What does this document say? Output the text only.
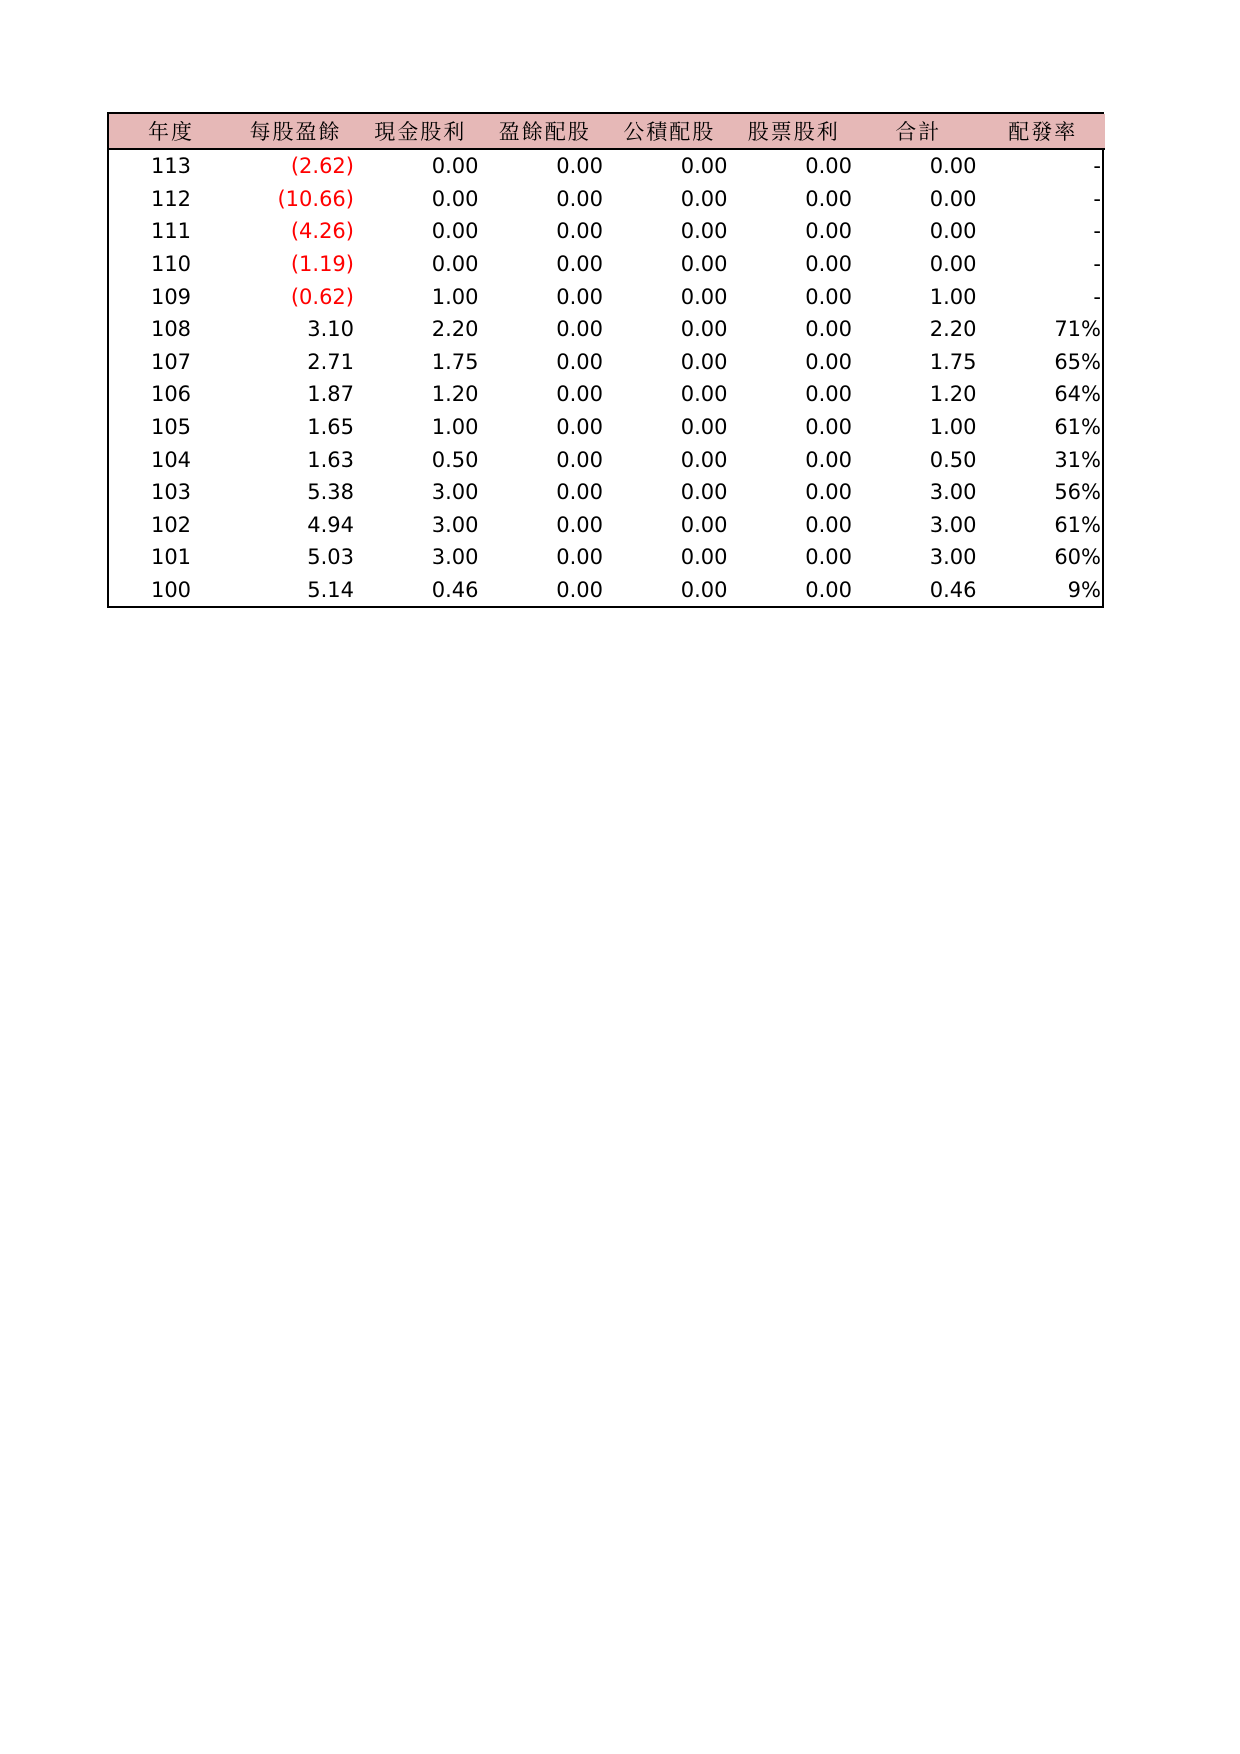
年度	每股盈餘	現金股利	盈餘配股	公積配股	股票股利	合計	配發率
113	(2.62)	0.00	0.00	0.00	0.00	0.00	-
112	(10.66)	0.00	0.00	0.00	0.00	0.00	-
111	(4.26)	0.00	0.00	0.00	0.00	0.00	-
110	(1.19)	0.00	0.00	0.00	0.00	0.00	-
109	(0.62)	1.00	0.00	0.00	0.00	1.00	-
108	3.10	2.20	0.00	0.00	0.00	2.20	71%
107	2.71	1.75	0.00	0.00	0.00	1.75	65%
106	1.87	1.20	0.00	0.00	0.00	1.20	64%
105	1.65	1.00	0.00	0.00	0.00	1.00	61%
104	1.63	0.50	0.00	0.00	0.00	0.50	31%
103	5.38	3.00	0.00	0.00	0.00	3.00	56%
102	4.94	3.00	0.00	0.00	0.00	3.00	61%
101	5.03	3.00	0.00	0.00	0.00	3.00	60%
100	5.14	0.46	0.00	0.00	0.00	0.46	9%
